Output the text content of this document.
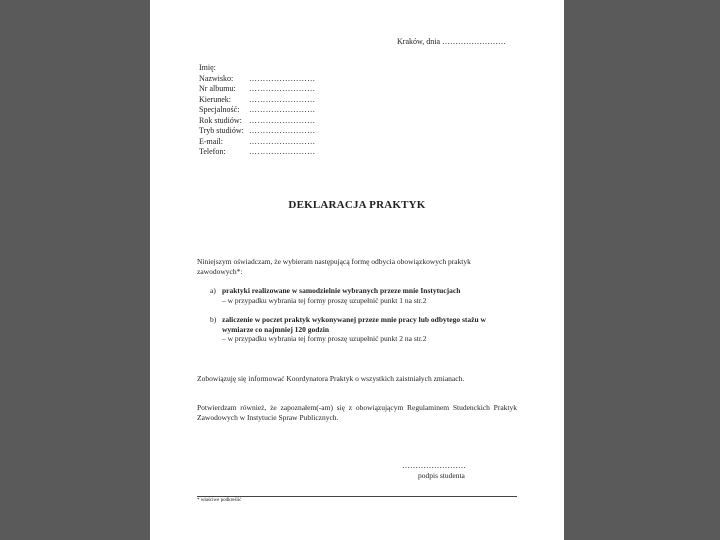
Kraków, dnia ……………………
Imię:
Nazwisko:	……………………
Nr albumu:	……………………
Kierunek:	……………………
Specjalność:	……………………
Rok studiów: ……………………
Tryb studiów: ……………………
E-mail:	……………………
Telefon:	……………………
DEKLARACJA PRAKTYK
Niniejszym oświadczam, że wybieram następującą formę odbycia obowiązkowych praktyk zawodowych*:
a) praktyki realizowane w samodzielnie wybranych przeze mnie Instytucjach
– w przypadku wybrania tej formy proszę uzupełnić punkt 1 na str.2
b) zaliczenie w poczet praktyk wykonywanej przeze mnie pracy lub odbytego stażu w wymiarze co najmniej 120 godzin
– w przypadku wybrania tej formy proszę uzupełnić punkt 2 na str.2
Zobowiązuję się informować Koordynatora Praktyk o wszystkich zaistniałych zmianach.
Potwierdzam również, że zapoznałem(-am) się z obowiązującym Regulaminem Studenckich Praktyk Zawodowych w Instytucie Spraw Publicznych.
……………………
podpis studenta
* właściwe podkreślić
